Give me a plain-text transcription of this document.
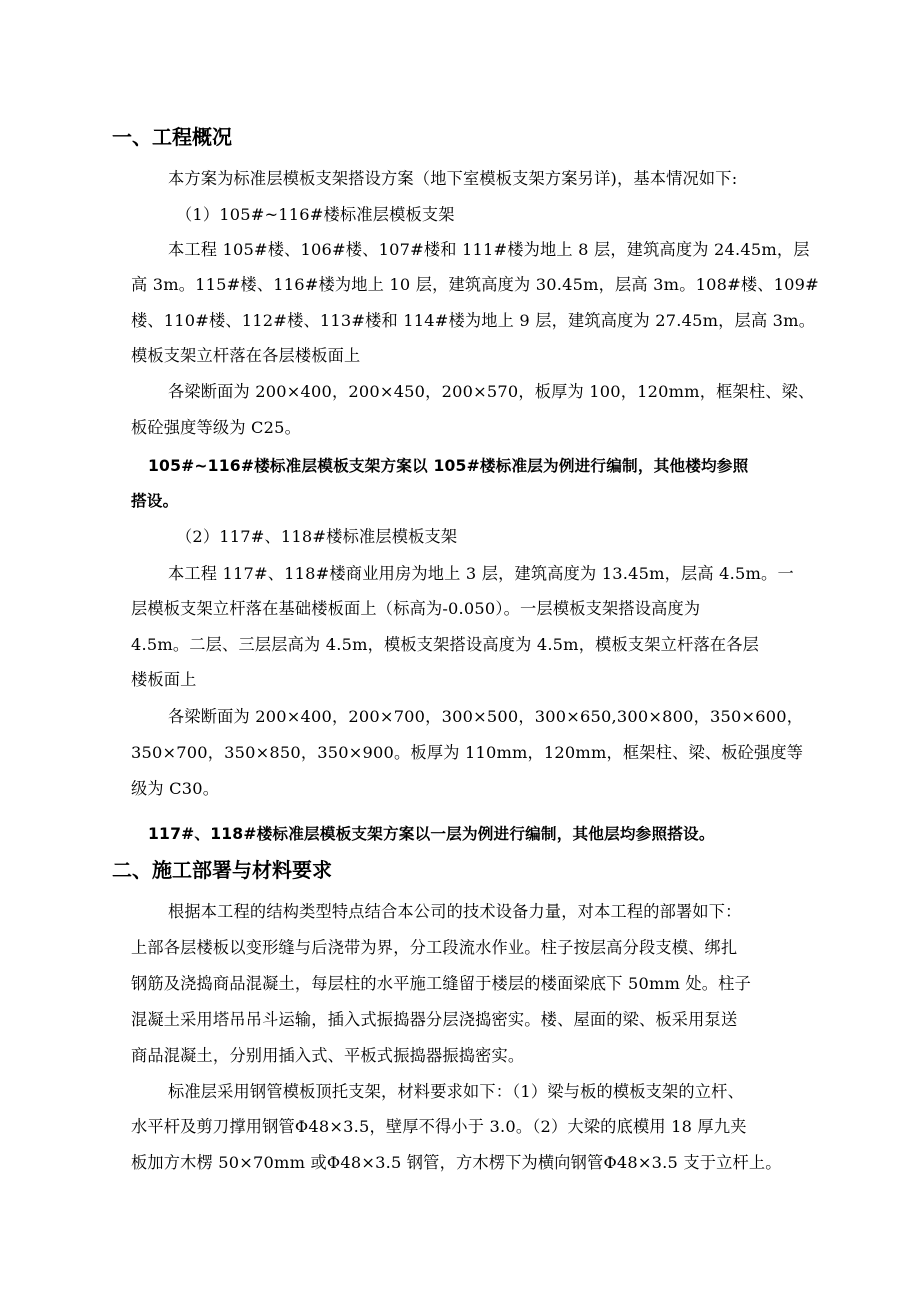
一、工程概况
本方案为标准层模板支架搭设方案（地下室模板支架方案另详)，基本情况如下:
（1）105#~116#楼标准层模板支架
本工程 105#楼、106#楼、107#楼和 111#楼为地上 8 层，建筑高度为 24.45m，层
高 3m。115#楼、116#楼为地上 10 层，建筑高度为 30.45m，层高 3m。108#楼、109#
楼、110#楼、112#楼、113#楼和 114#楼为地上 9 层，建筑高度为 27.45m，层高 3m。
模板支架立杆落在各层楼板面上
各梁断面为 200×400，200×450，200×570，板厚为 100，120mm，框架柱、梁、
板砼强度等级为 C25。
105#~116#楼标准层模板支架方案以 105#楼标准层为例进行编制，其他楼均参照
搭设。
（2）117#、118#楼标准层模板支架
本工程 117#、118#楼商业用房为地上 3 层，建筑高度为 13.45m，层高 4.5m。一
层模板支架立杆落在基础楼板面上（标高为-0.050）。一层模板支架搭设高度为
4.5m。二层、三层层高为 4.5m，模板支架搭设高度为 4.5m，模板支架立杆落在各层
楼板面上
各梁断面为 200×400，200×700，300×500，300×650,300×800，350×600，
350×700，350×850，350×900。板厚为 110mm，120mm，框架柱、梁、板砼强度等
级为 C30。
117#、118#楼标准层模板支架方案以一层为例进行编制，其他层均参照搭设。
二、施工部署与材料要求
根据本工程的结构类型特点结合本公司的技术设备力量，对本工程的部署如下：
上部各层楼板以变形缝与后浇带为界，分工段流水作业。柱子按层高分段支模、绑扎
钢筋及浇捣商品混凝土，每层柱的水平施工缝留于楼层的楼面梁底下 50mm 处。柱子
混凝土采用塔吊吊斗运输，插入式振捣器分层浇捣密实。楼、屋面的梁、板采用泵送
商品混凝土，分别用插入式、平板式振捣器振捣密实。
标准层采用钢管模板顶托支架，材料要求如下：（1）梁与板的模板支架的立杆、
水平杆及剪刀撑用钢管Φ48×3.5，壁厚不得小于 3.0。（2）大梁的底模用 18 厚九夹
板加方木楞 50×70mm 或Φ48×3.5 钢管，方木楞下为横向钢管Φ48×3.5 支于立杆上。
